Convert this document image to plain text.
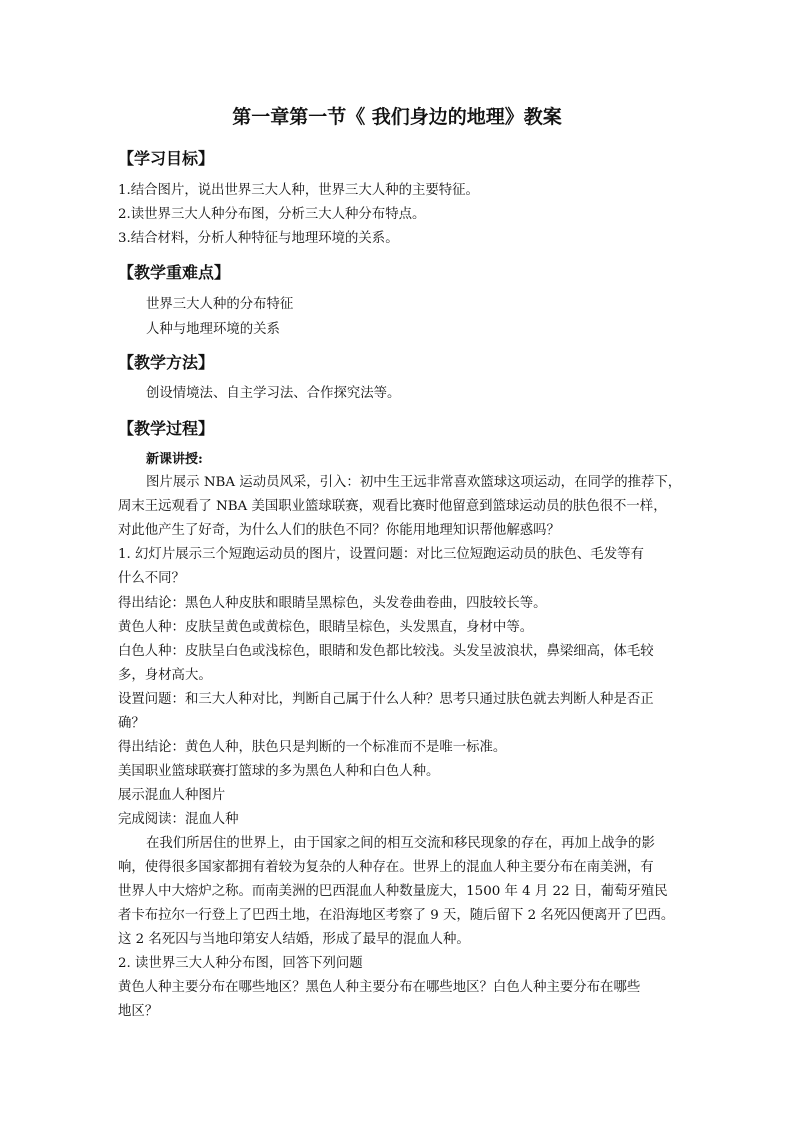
第一章第一节《 我们身边的地理》教案
【学习目标】
1.结合图片，说出世界三大人种，世界三大人种的主要特征。
2.读世界三大人种分布图，分析三大人种分布特点。
3.结合材料，分析人种特征与地理环境的关系。
【教学重难点】
世界三大人种的分布特征
人种与地理环境的关系
【教学方法】
创设情境法、自主学习法、合作探究法等。
【教学过程】
新课讲授:
图片展示 NBA 运动员风采，引入：初中生王远非常喜欢篮球这项运动，在同学的推荐下，
周末王远观看了 NBA 美国职业篮球联赛，观看比赛时他留意到篮球运动员的肤色很不一样，
对此他产生了好奇，为什么人们的肤色不同？你能用地理知识帮他解惑吗？
1. 幻灯片展示三个短跑运动员的图片，设置问题：对比三位短跑运动员的肤色、毛发等有
什么不同？
得出结论：黑色人种皮肤和眼睛呈黑棕色，头发卷曲卷曲，四肢较长等。
黄色人种：皮肤呈黄色或黄棕色，眼睛呈棕色，头发黑直，身材中等。
白色人种：皮肤呈白色或浅棕色，眼睛和发色都比较浅。头发呈波浪状，鼻梁细高，体毛较
多，身材高大。
设置问题：和三大人种对比，判断自己属于什么人种？思考只通过肤色就去判断人种是否正
确？
得出结论：黄色人种，肤色只是判断的一个标准而不是唯一标准。
美国职业篮球联赛打篮球的多为黑色人种和白色人种。
展示混血人种图片
完成阅读：混血人种
在我们所居住的世界上，由于国家之间的相互交流和移民现象的存在，再加上战争的影
响，使得很多国家都拥有着较为复杂的人种存在。世界上的混血人种主要分布在南美洲，有
世界人中大熔炉之称。而南美洲的巴西混血人种数量庞大，1500 年 4 月 22 日，葡萄牙殖民
者卡布拉尔一行登上了巴西土地，在沿海地区考察了 9 天，随后留下 2 名死囚便离开了巴西。
这 2 名死囚与当地印第安人结婚，形成了最早的混血人种。
2. 读世界三大人种分布图，回答下列问题
黄色人种主要分布在哪些地区？黑色人种主要分布在哪些地区？白色人种主要分布在哪些
地区？
